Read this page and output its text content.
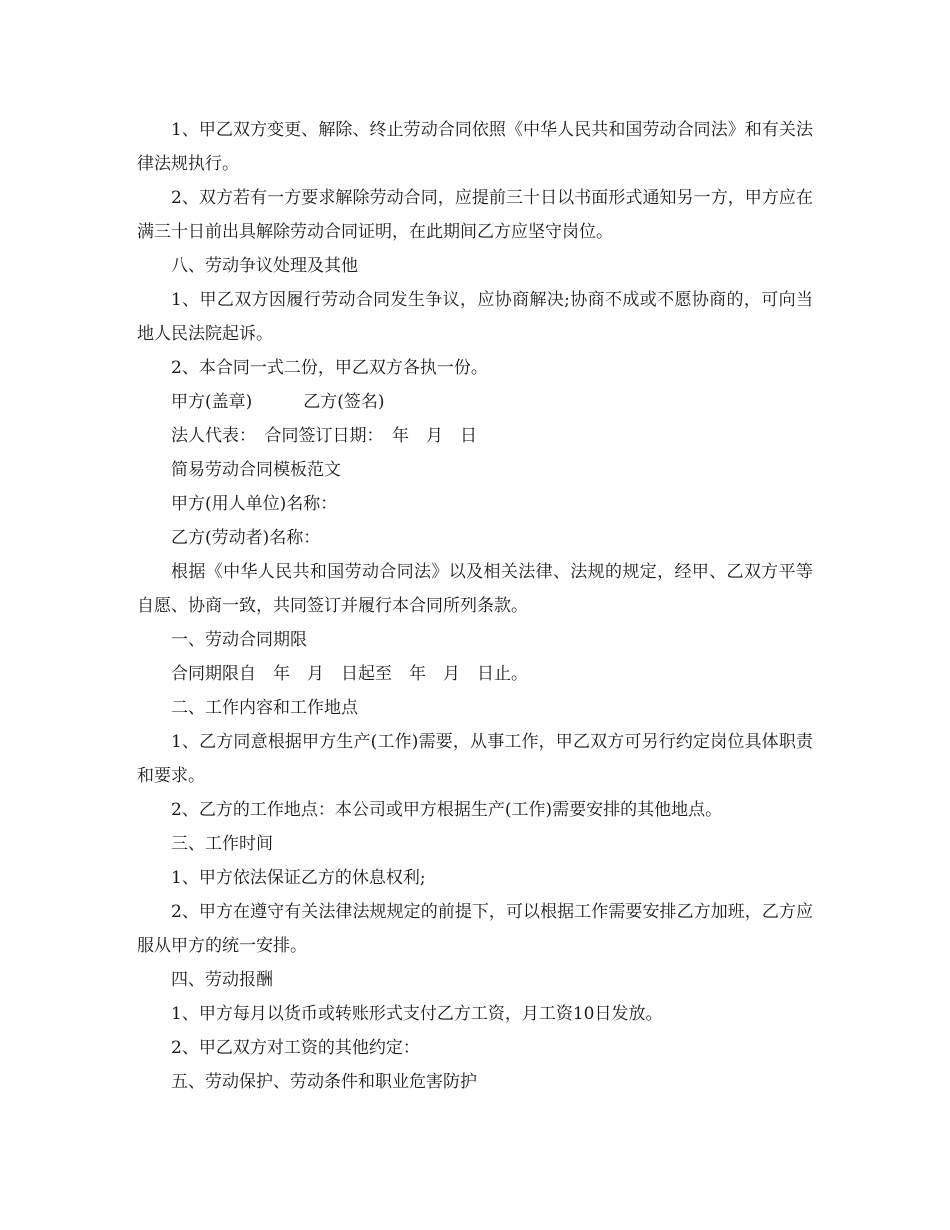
1、甲乙双方变更、解除、终止劳动合同依照《中华人民共和国劳动合同法》和有关法律法规执行。

2、双方若有一方要求解除劳动合同，应提前三十日以书面形式通知另一方，甲方应在满三十日前出具解除劳动合同证明，在此期间乙方应坚守岗位。

八、劳动争议处理及其他

1、甲乙双方因履行劳动合同发生争议，应协商解决;协商不成或不愿协商的，可向当地人民法院起诉。

2、本合同一式二份，甲乙双方各执一份。

甲方(盖章)　　　乙方(签名)

法人代表：　合同签订日期：　年　月　日

简易劳动合同模板范文

甲方(用人单位)名称：

乙方(劳动者)名称：

根据《中华人民共和国劳动合同法》以及相关法律、法规的规定，经甲、乙双方平等自愿、协商一致，共同签订并履行本合同所列条款。

一、劳动合同期限

合同期限自　年　月　日起至　年　月　日止。

二、工作内容和工作地点

1、乙方同意根据甲方生产(工作)需要，从事工作，甲乙双方可另行约定岗位具体职责和要求。

2、乙方的工作地点：本公司或甲方根据生产(工作)需要安排的其他地点。

三、工作时间

1、甲方依法保证乙方的休息权利;

2、甲方在遵守有关法律法规规定的前提下，可以根据工作需要安排乙方加班，乙方应服从甲方的统一安排。

四、劳动报酬

1、甲方每月以货币或转账形式支付乙方工资，月工资10日发放。

2、甲乙双方对工资的其他约定：

五、劳动保护、劳动条件和职业危害防护
